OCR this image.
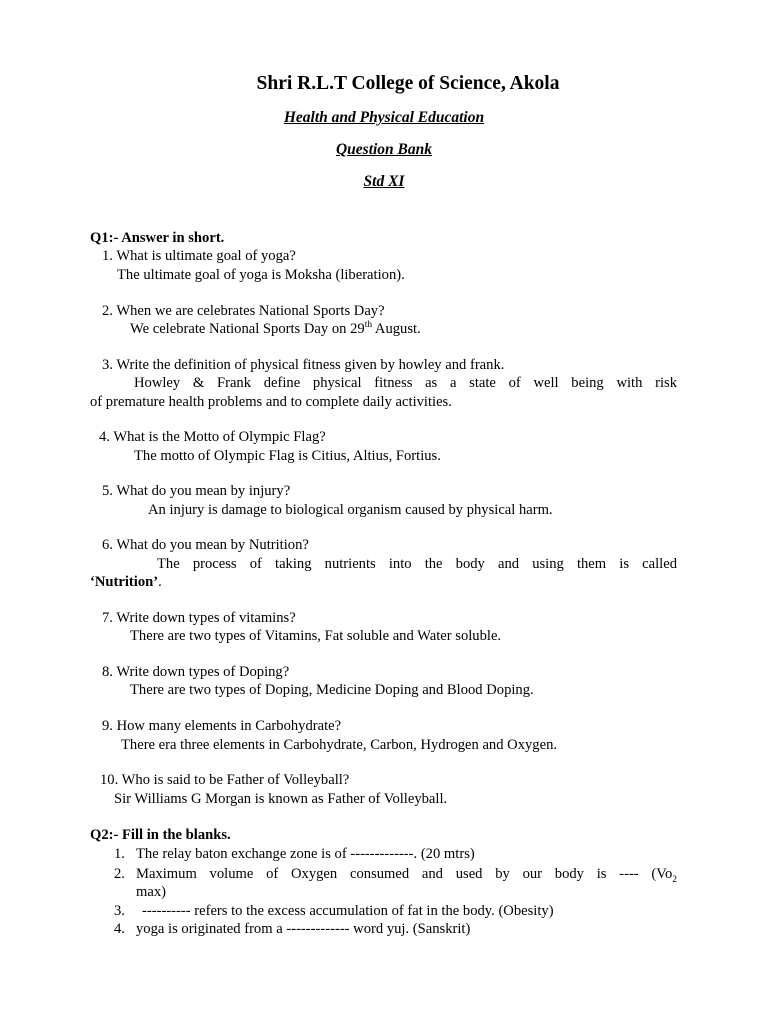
Shri R.L.T College of Science, Akola
Health and Physical Education
Question Bank
Std XI
Q1:- Answer in short.
1. What is ultimate goal of yoga?
The ultimate goal of yoga is Moksha (liberation).
2. When we are celebrates National Sports Day?
We celebrate National Sports Day on 29th August.
3. Write the definition of physical fitness given by howley and frank.
Howley & Frank define physical fitness as a state of well being with risk
of premature health problems and to complete daily activities.
4. What is the Motto of Olympic Flag?
The motto of Olympic Flag is Citius, Altius, Fortius.
5. What do you mean by injury?
An injury is damage to biological organism caused by physical harm.
6. What do you mean by Nutrition?
The process of taking nutrients into the body and using them is called
‘Nutrition’.
7. Write down types of vitamins?
There are two types of Vitamins, Fat soluble and Water soluble.
8. Write down types of Doping?
There are two types of Doping, Medicine Doping and Blood Doping.
9. How many elements in Carbohydrate?
There era three elements in Carbohydrate, Carbon, Hydrogen and Oxygen.
10. Who is said to be Father of Volleyball?
Sir Williams G Morgan is known as Father of Volleyball.
Q2:- Fill in the blanks.
1. The relay baton exchange zone is of -------------. (20 mtrs)
2. Maximum volume of Oxygen consumed and used by our body is ---- ($Vo_2$
max)
3. ---------- refers to the excess accumulation of fat in the body. (Obesity)
4. yoga is originated from a ------------- word yuj. (Sanskrit)
